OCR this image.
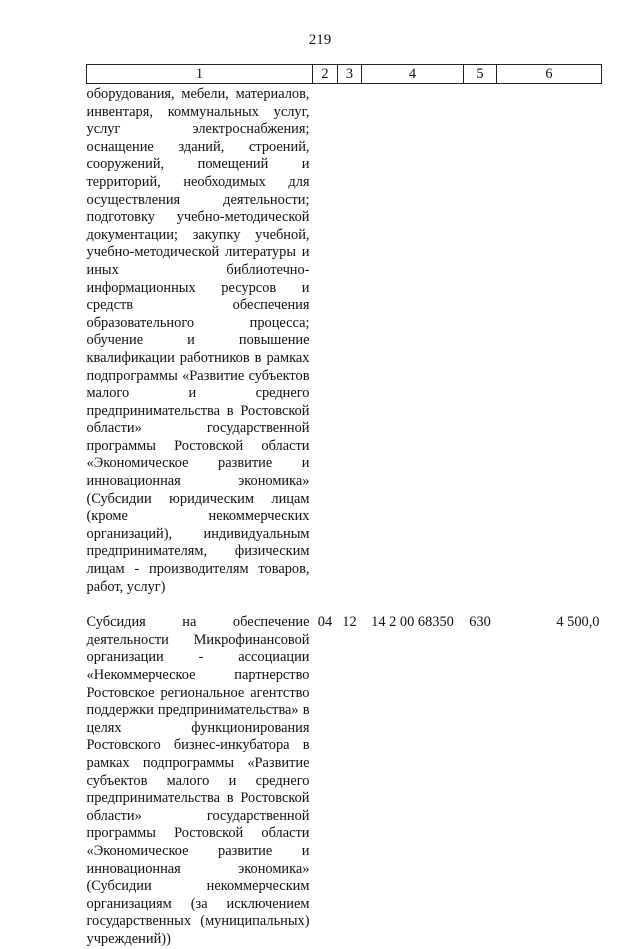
219
1	2	3	4	5	6
оборудования, мебели, материалов, инвентаря, коммунальных услуг, услуг электроснабжения; оснащение зданий, строений, сооружений, помещений и территорий, необходимых для осуществления деятельности; подготовку учебно-методической документации; закупку учебной, учебно-методической литературы и иных библиотечно-информационных ресурсов и средств обеспечения образовательного процесса; обучение и повышение квалификации работников в рамках подпрограммы «Развитие субъектов малого и среднего предпринимательства в Ростовской области» государственной программы Ростовской области «Экономическое развитие и инновационная экономика» (Субсидии юридическим лицам (кроме некоммерческих организаций), индивидуальным предпринимателям, физическим лицам - производителям товаров, работ, услуг)					
Субсидия на обеспечение деятельности Микрофинансовой организации - ассоциации «Некоммерческое партнерство Ростовское региональное агентство поддержки предпринимательства» в целях функционирования Ростовского бизнес-инкубатора в рамках подпрограммы «Развитие субъектов малого и среднего предпринимательства в Ростовской области» государственной программы Ростовской области «Экономическое развитие и инновационная экономика» (Субсидии некоммерческим организациям (за исключением государственных (муниципальных) учреждений))	04	12	14 2 00 68350	630	4 500,0
